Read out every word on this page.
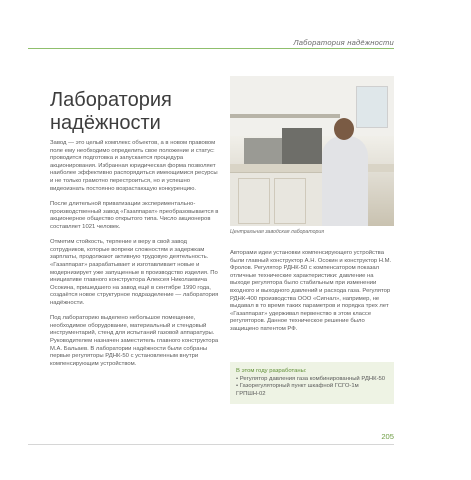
Лаборатория надёжности
Лаборатория надёжности

Завод — это целый комплекс объектов, а в новом правовом поле ему необходимо определить свое положение и статус: проводится подготовка и запускается процедура акционирования. Избранная юридическая форма позволяет наиболее эффективно распорядиться имеющимися ресурсы и не только грамотно перестроиться, но и успешно видеоизнать постоянно возрастающую конкуренцию.

После длительной приватизации экспериментально-производственный завод «Газаппарат» преобразовывается в акционерное общество открытого типа. Число акционеров составляет 1021 человек.

Отметим стойкость, терпение и веру в свой завод сотрудников, которые вопреки сложностям и задержкам зарплаты, продолжают активную трудовую деятельность. «Газаппарат» разрабатывает и изготавливает новые и модернизирует уже запущенные в производство изделия. По инициативе главного конструктора Алексея Николаевича Осокина, пришедшего на завод ещё в сентябре 1990 года, создаётся новое структурное подразделение — лаборатория надёжности.

Под лабораторию выделено небольшое помещение, необходимое оборудование, материальный и стендовый инструментарий, стенд для испытаний газовой аппаратуры. Руководителем назначен заместитель главного конструктора М.А. Бальаев. В лаборатории надёжности были собраны первые регуляторы РДНК-50 с установленным внутри компенсирующим устройством.

Центральная заводская лаборатория

Авторами идеи установки компенсирующего устройства были главный конструктор А.Н. Осокин и конструктор Н.М. Фролов. Регулятор РДНК-50 с компенсатором показал отличные технические характеристики: давление на выходе регулятора было стабильным при изменении входного и выходного давлений и расхода газа. Регулятор РДНК-400 производства ООО «Сигнал», например, не выдавал в то время таких параметров и порядка трех лет «Газаппарат» удерживал первенство в этом классе регуляторов. Данное техническое решение было защищено патентом РФ.

В этом году разработаны:
• Регулятор давления газа комбинированный РДНК-50
• Газорегуляторный пункт шкафной ГСГО-1м ГРПШН-02
205
